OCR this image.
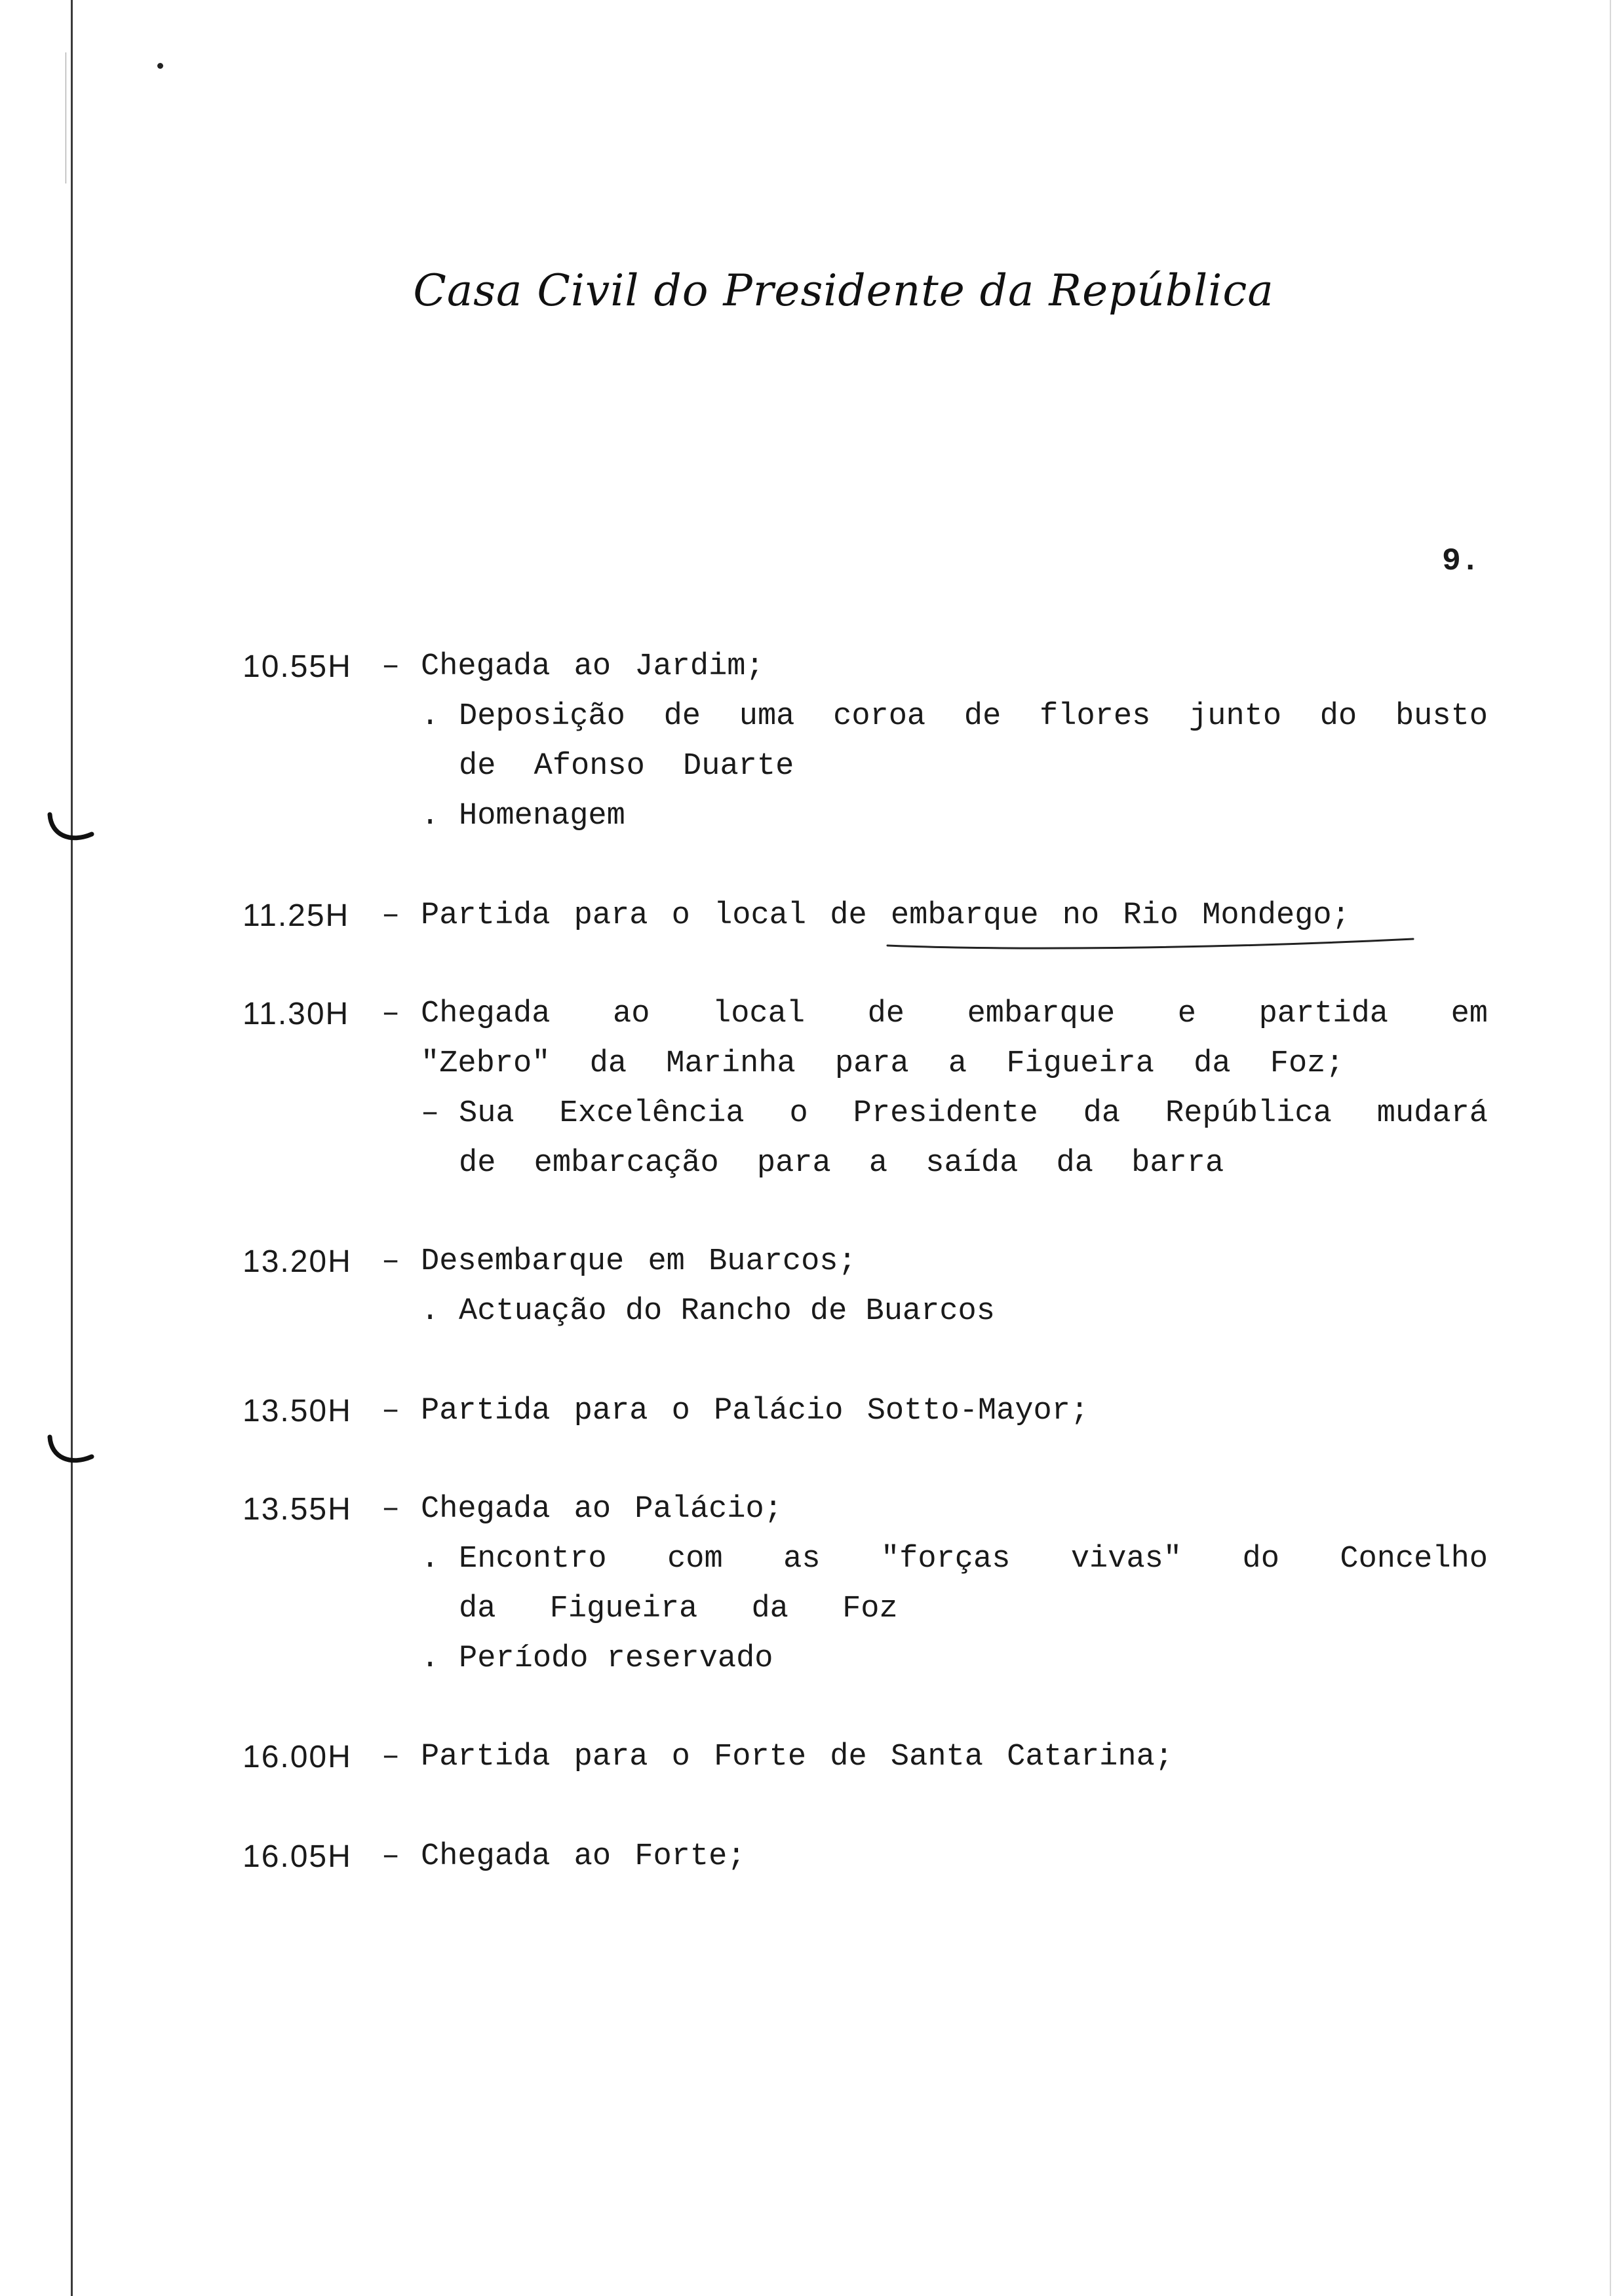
Casa Civil do Presidente da República
9.
10.55H – Chegada ao Jardim;
. Deposição de uma coroa de flores junto do busto de Afonso Duarte
. Homenagem
11.25H – Partida para o local de embarque no Rio Mondego;
11.30H – Chegada ao local de embarque e partida em "Zebro" da Marinha para a Figueira da Foz;
– Sua Excelência o Presidente da República mudará de embarcação para a saída da barra
13.20H – Desembarque em Buarcos;
. Actuação do Rancho de Buarcos
13.50H – Partida para o Palácio Sotto-Mayor;
13.55H – Chegada ao Palácio;
. Encontro com as "forças vivas" do Concelho da Figueira da Foz
. Período reservado
16.00H – Partida para o Forte de Santa Catarina;
16.05H – Chegada ao Forte;
